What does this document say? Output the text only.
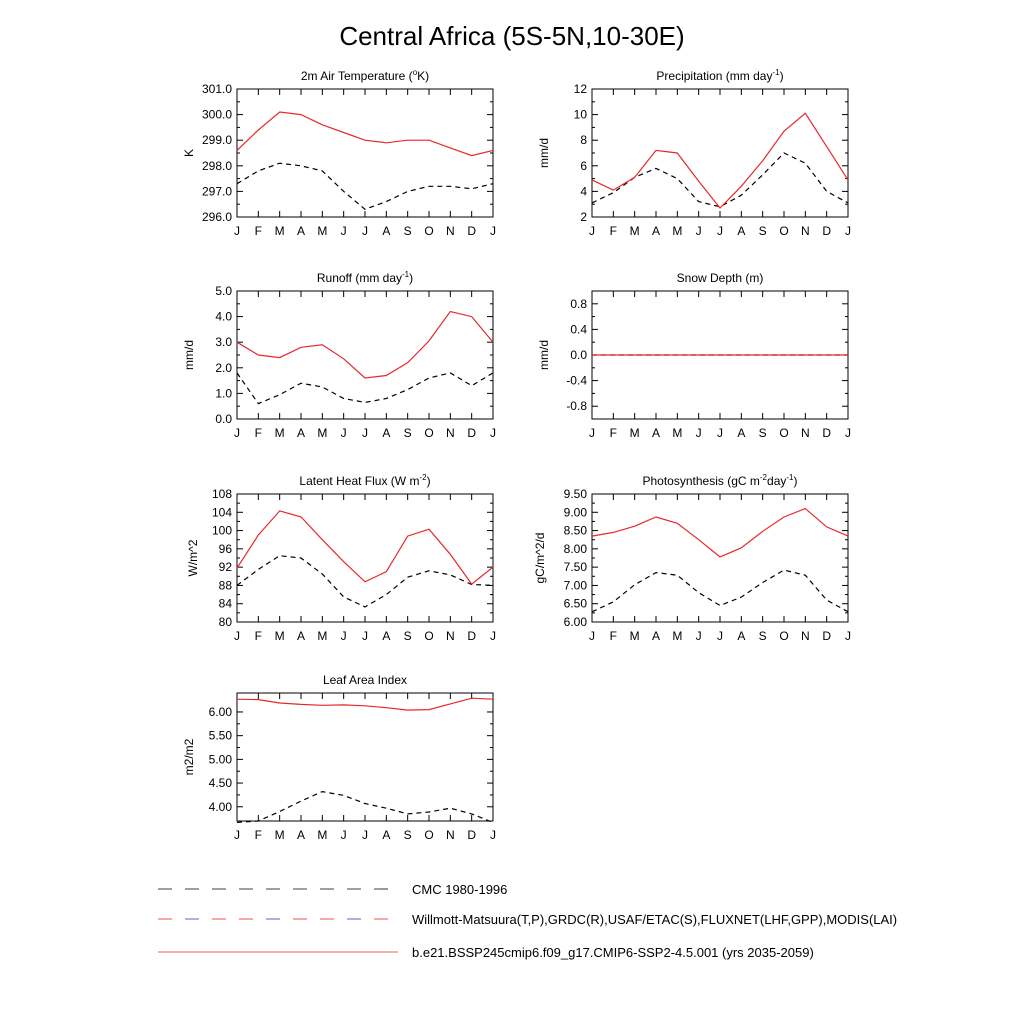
Central Africa (5S-5N,10-30E)
2m Air Temperature ($^o$K)
J F M A M J J A S O N D J
296.0
297.0
298.0
299.0
300.0
301.0
K
Precipitation (mm day$^{-1}$)
J F M A M J J A S O N D J
2
4
6
8
10
12
mm/d
Runoff (mm day$^{-1}$)
J F M A M J J A S O N D J
0.0
1.0
2.0
3.0
4.0
5.0
mm/d
Snow Depth (m)
J F M A M J J A S O N D J
-0.8
-0.4
0.0
0.4
0.8
mm/d
Latent Heat Flux (W $m^{-2}$)
J F M A M J J A S O N D J
80
84
88
92
96
100
104
108
W/m^2
Photosynthesis (gC $m^{-2}day^{-1}$)
J F M A M J J A S O N D J
6.00
6.50
7.00
7.50
8.00
8.50
9.00
9.50
gC/m^2/d
Leaf Area Index
J F M A M J J A S O N D J
4.00
4.50
5.00
5.50
6.00
m2/m2
CMC 1980-1996
Willmott-Matsuura(T,P),GRDC(R),USAF/ETAC(S),FLUXNET(LHF,GPP),MODIS(LAI)
b.e21.BSSP245cmip6.f09_g17.CMIP6-SSP2-4.5.001 (yrs 2035-2059)
